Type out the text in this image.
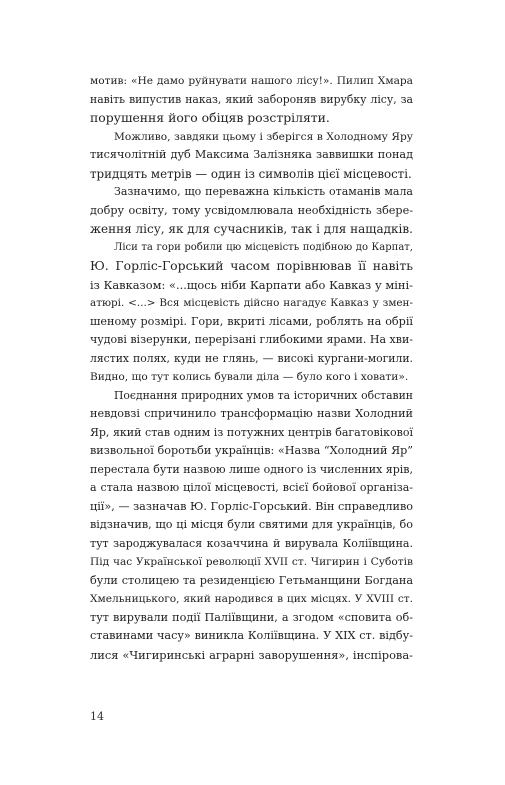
мотив: «Не дамо руйнувати нашого лісу!». Пилип Хмара
навіть випустив наказ, який забороняв вирубку лісу, за
порушення його обіцяв розстріляти.
Можливо, завдяки цьому і зберігся в Холодному Яру
тисячолітній дуб Максима Залізняка заввишки понад
тридцять метрів — один із символів цієї місцевості.
Зазначимо, що переважна кількість отаманів мала
добру освіту, тому усвідомлювала необхідність збере-
ження лісу, як для сучасників, так і для нащадків.
Ліси та гори робили цю місцевість подібною до Карпат,
Ю. Горліс-Горський часом порівнював її навіть
із Кавказом: «...щось ніби Карпати або Кавказ у міні-
атюрі. <...> Вся місцевість дійсно нагадує Кавказ у змен-
шеному розмірі. Гори, вкриті лісами, роблять на обрії
чудові візерунки, перерізані глибокими ярами. На хви-
лястих полях, куди не глянь, — високі кургани-могили.
Видно, що тут колись бували діла — було кого і ховати».
Поєднання природних умов та історичних обставин
невдовзі спричинило трансформацію назви Холодний
Яр, який став одним із потужних центрів багатовікової
визвольної боротьби українців: «Назва “Холодний Яр”
перестала бути назвою лише одного із численних ярів,
а стала назвою цілої місцевості, всієї бойової організа-
ції», — зазначав Ю. Горліс-Горський. Він справедливо
відзначив, що ці місця були святими для українців, бо
тут зароджувалася козаччина й вирувала Коліївщина.
Під час Української революції XVII ст. Чигирин і Суботів
були столицею та резиденцією Гетьманщини Богдана
Хмельницького, який народився в цих місцях. У XVIII ст.
тут вирували події Паліївщини, а згодом «сповита об-
ставинами часу» виникла Коліївщина. У XIX ст. відбу-
лися «Чигиринські аграрні заворушення», інспірова-
14
